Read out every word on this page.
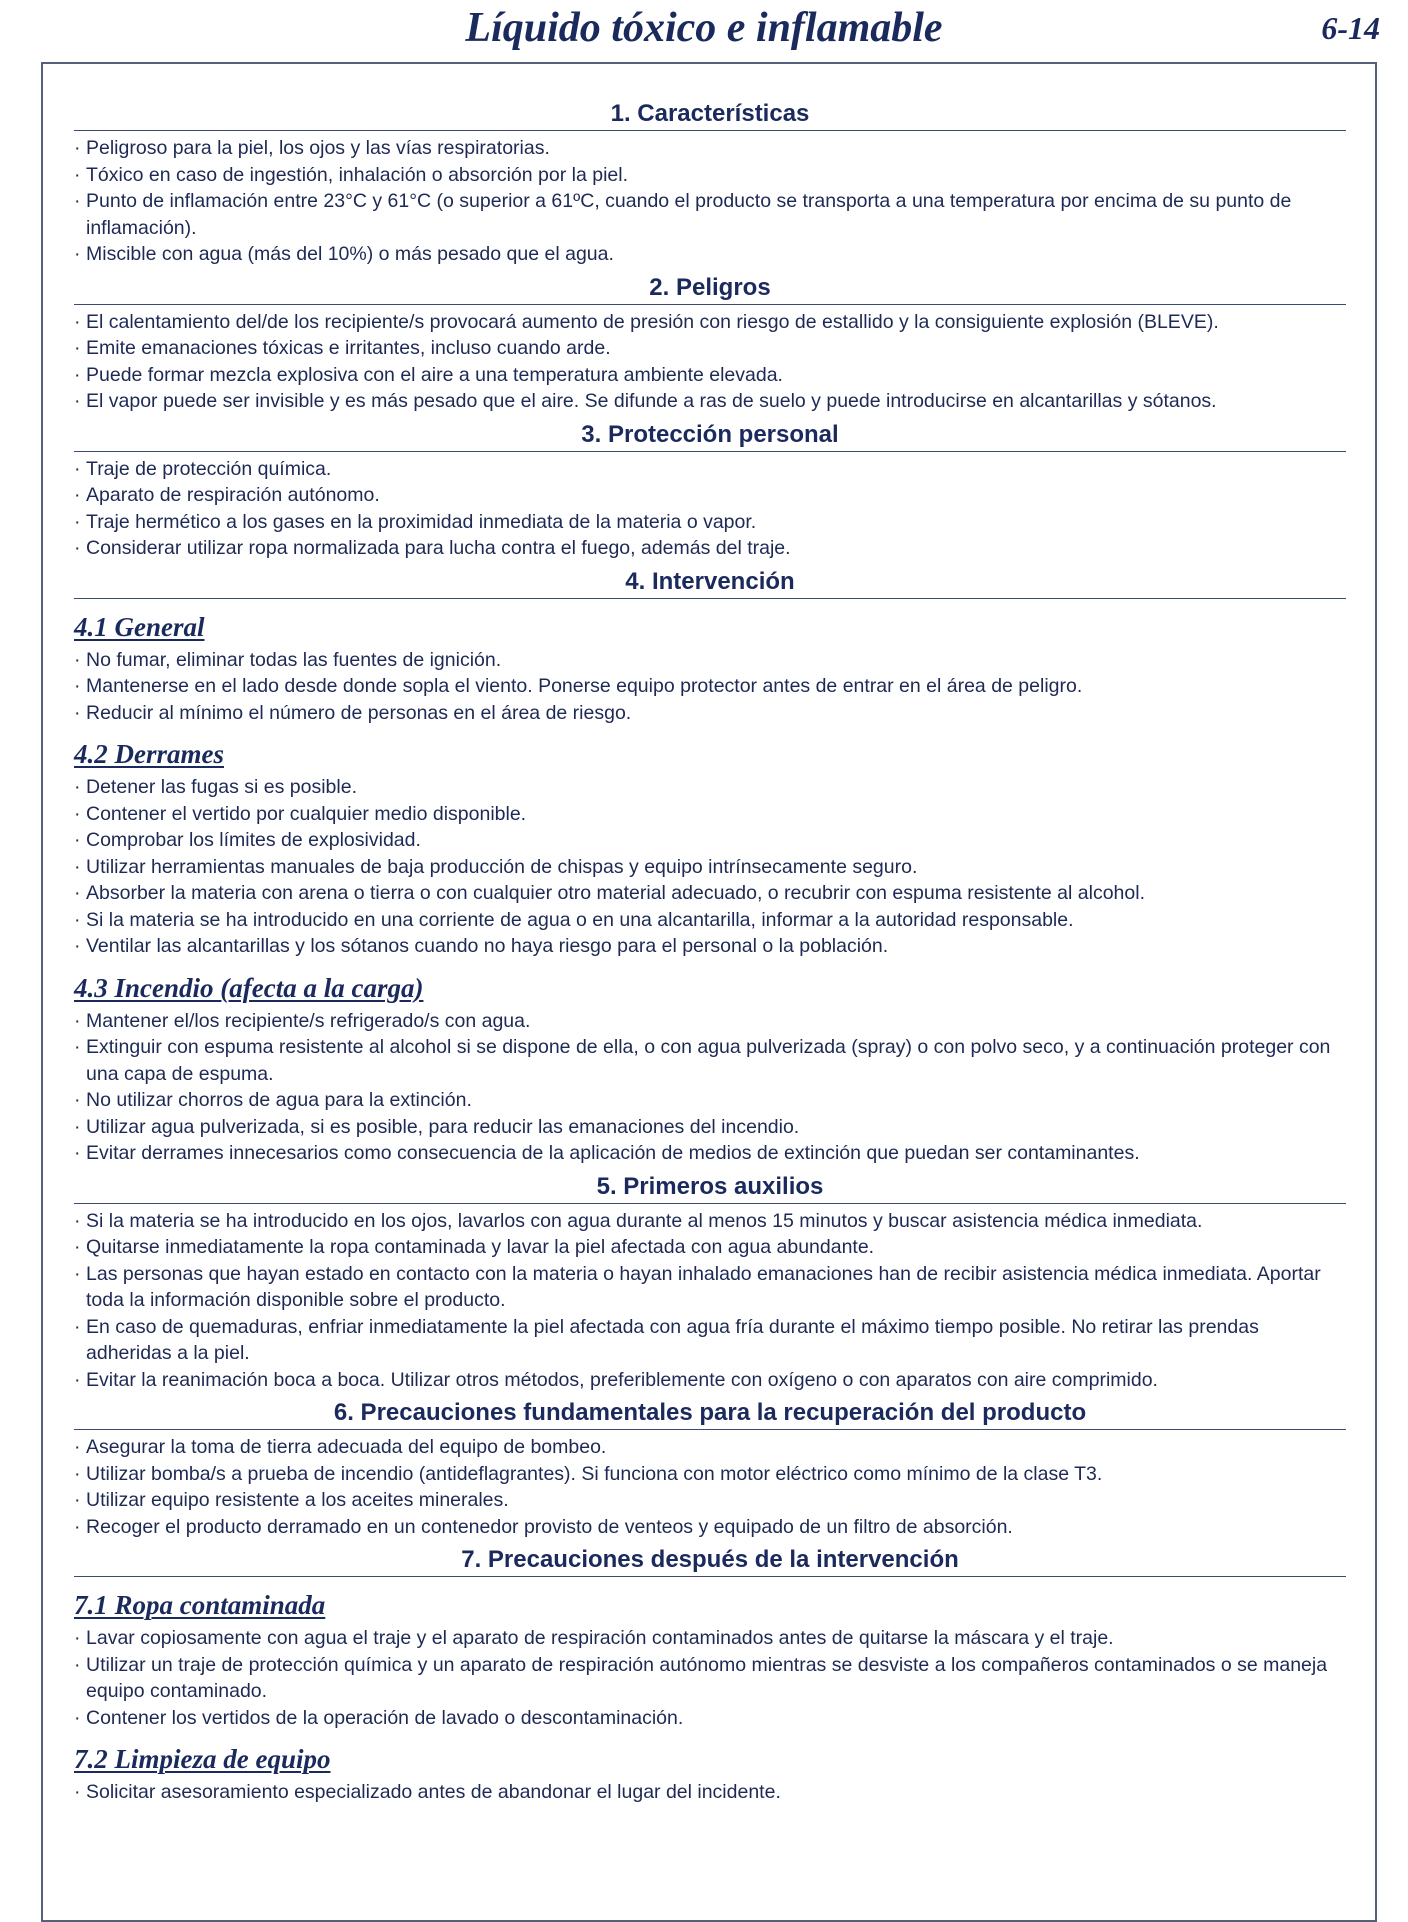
Líquido tóxico e inflamable	6-14
1. Características
· Peligroso para la piel, los ojos y las vías respiratorias.
· Tóxico en caso de ingestión, inhalación o absorción por la piel.
· Punto de inflamación entre 23°C y 61°C (o superior a 61ºC, cuando el producto se transporta a una temperatura por encima de su punto de inflamación).
· Miscible con agua (más del 10%) o más pesado que el agua.
2. Peligros
· El calentamiento del/de los recipiente/s provocará aumento de presión con riesgo de estallido y la consiguiente explosión (BLEVE).
· Emite emanaciones tóxicas e irritantes, incluso cuando arde.
· Puede formar mezcla explosiva con el aire a una temperatura ambiente elevada.
· El vapor puede ser invisible y es más pesado que el aire. Se difunde a ras de suelo y puede introducirse en alcantarillas y sótanos.
3. Protección personal
· Traje de protección química.
· Aparato de respiración autónomo.
· Traje hermético a los gases en la proximidad inmediata de la materia o vapor.
· Considerar utilizar ropa normalizada para lucha contra el fuego, además del traje.
4. Intervención
4.1 General
· No fumar, eliminar todas las fuentes de ignición.
· Mantenerse en el lado desde donde sopla el viento. Ponerse equipo protector antes de entrar en el área de peligro.
· Reducir al mínimo el número de personas en el área de riesgo.
4.2 Derrames
· Detener las fugas si es posible.
· Contener el vertido por cualquier medio disponible.
· Comprobar los límites de explosividad.
· Utilizar herramientas manuales de baja producción de chispas y equipo intrínsecamente seguro.
· Absorber la materia con arena o tierra o con cualquier otro material adecuado, o recubrir con espuma resistente al alcohol.
· Si la materia se ha introducido en una corriente de agua o en una alcantarilla, informar a la autoridad responsable.
· Ventilar las alcantarillas y los sótanos cuando no haya riesgo para el personal o la población.
4.3 Incendio (afecta a la carga)
· Mantener el/los recipiente/s refrigerado/s con agua.
· Extinguir con espuma resistente al alcohol si se dispone de ella, o con agua pulverizada (spray) o con polvo seco, y a continuación proteger con una capa de espuma.
· No utilizar chorros de agua para la extinción.
· Utilizar agua pulverizada, si es posible, para reducir las emanaciones del incendio.
· Evitar derrames innecesarios como consecuencia de la aplicación de medios de extinción que puedan ser contaminantes.
5. Primeros auxilios
· Si la materia se ha introducido en los ojos, lavarlos con agua durante al menos 15 minutos y buscar asistencia médica inmediata.
· Quitarse inmediatamente la ropa contaminada y lavar la piel afectada con agua abundante.
· Las personas que hayan estado en contacto con la materia o hayan inhalado emanaciones han de recibir asistencia médica inmediata. Aportar toda la información disponible sobre el producto.
· En caso de quemaduras, enfriar inmediatamente la piel afectada con agua fría durante el máximo tiempo posible. No retirar las prendas adheridas a la piel.
· Evitar la reanimación boca a boca. Utilizar otros métodos, preferiblemente con oxígeno o con aparatos con aire comprimido.
6. Precauciones fundamentales para la recuperación del producto
· Asegurar la toma de tierra adecuada del equipo de bombeo.
· Utilizar bomba/s a prueba de incendio (antideflagrantes). Si funciona con motor eléctrico como mínimo de la clase T3.
· Utilizar equipo resistente a los aceites minerales.
· Recoger el producto derramado en un contenedor provisto de venteos y equipado de un filtro de absorción.
7. Precauciones después de la intervención
7.1 Ropa contaminada
· Lavar copiosamente con agua el traje y el aparato de respiración contaminados antes de quitarse la máscara y el traje.
· Utilizar un traje de protección química y un aparato de respiración autónomo mientras se desviste a los compañeros contaminados o se maneja equipo contaminado.
· Contener los vertidos de la operación de lavado o descontaminación.
7.2 Limpieza de equipo
· Solicitar asesoramiento especializado antes de abandonar el lugar del incidente.
